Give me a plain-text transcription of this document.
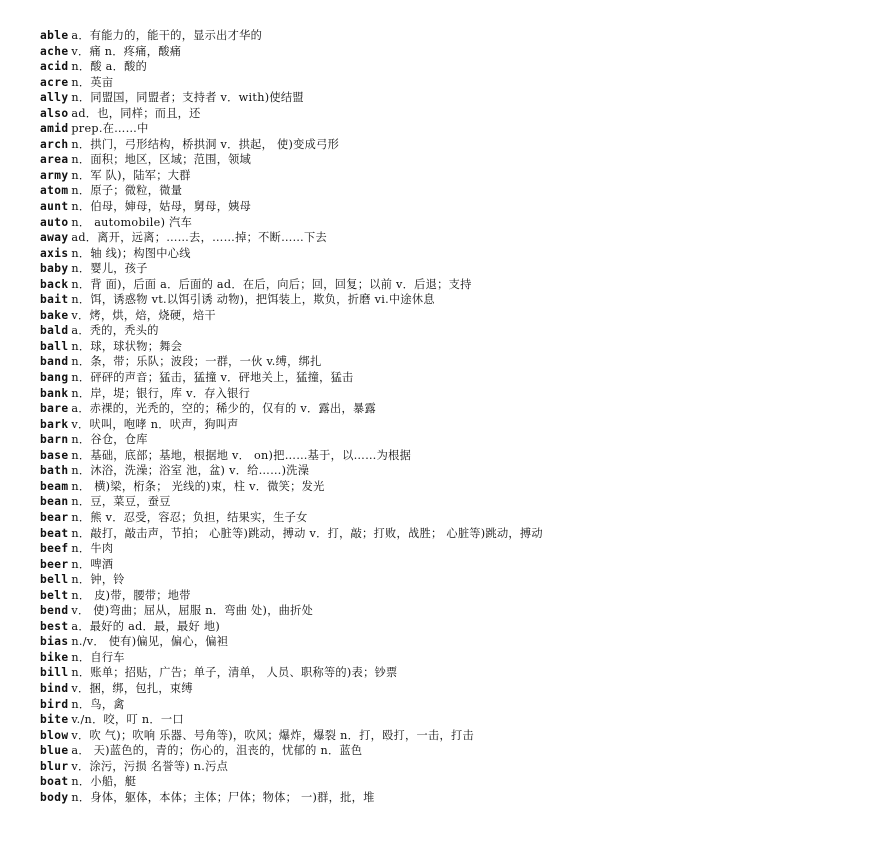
able a．有能力的，能干的，显示出才华的
ache v．痛 n．疼痛，酸痛
acid n．酸 a．酸的
acre n．英亩
ally n．同盟国，同盟者；支持者 v．with)使结盟
also ad．也，同样；而且，还
amid prep.在……中
arch n．拱门，弓形结构，桥拱洞 v．拱起， 使)变成弓形
area n．面积；地区，区域；范围，领域
army n．军 队)，陆军；大群
atom n．原子；微粒，微量
aunt n．伯母，婶母，姑母，舅母，姨母
auto n． automobile) 汽车
away ad．离开，远离；……去，……掉；不断……下去
axis n．轴 线)；构图中心线
baby n．婴儿，孩子
back n．背 面)，后面 a．后面的 ad．在后，向后；回，回复；以前 v．后退；支持
bait n．饵，诱惑物 vt.以饵引诱 动物)，把饵装上，欺负，折磨 vi.中途休息
bake v．烤，烘，焙，烧硬，焙干
bald a．秃的，秃头的
ball n．球，球状物；舞会
band n．条，带；乐队；波段；一群，一伙 v.缚，绑扎
bang n．砰砰的声音；猛击，猛撞 v．砰地关上，猛撞，猛击
bank n．岸，堤；银行，库 v．存入银行
bare a．赤裸的，光秃的，空的；稀少的，仅有的 v．露出，暴露
bark v．吠叫，咆哮 n．吠声，狗叫声
barn n．谷仓，仓库
base n．基础，底部；基地，根据地 v． on)把……基于，以……为根据
bath n．沐浴，洗澡；浴室 池，盆) v．给……)洗澡
beam n． 横)梁，桁条； 光线的)束，柱 v．微笑；发光
bean n．豆，菜豆，蚕豆
bear n．熊 v．忍受，容忍；负担，结果实，生子女
beat n．敲打，敲击声，节拍； 心脏等)跳动，搏动 v．打，敲；打败，战胜； 心脏等)跳动，搏动
beef n．牛肉
beer n．啤酒
bell n．钟，铃
belt n． 皮)带，腰带；地带
bend v． 使)弯曲；屈从，屈服 n．弯曲 处)，曲折处
best a．最好的 ad．最，最好 地)
bias n./v． 使有)偏见，偏心，偏袒
bike n．自行车
bill n．账单；招贴，广告；单子，清单， 人员、职称等的)表；钞票
bind v．捆，绑，包扎，束缚
bird n．鸟，禽
bite v./n．咬，叮 n．一口
blow v．吹 气)；吹响 乐器、号角等)，吹风；爆炸，爆裂 n．打，殴打，一击，打击
blue a． 天)蓝色的，青的；伤心的，沮丧的，忧郁的 n．蓝色
blur v．涂污，污损 名誉等) n.污点
boat n．小船，艇
body n．身体，躯体，本体；主体；尸体；物体； 一)群，批，堆
